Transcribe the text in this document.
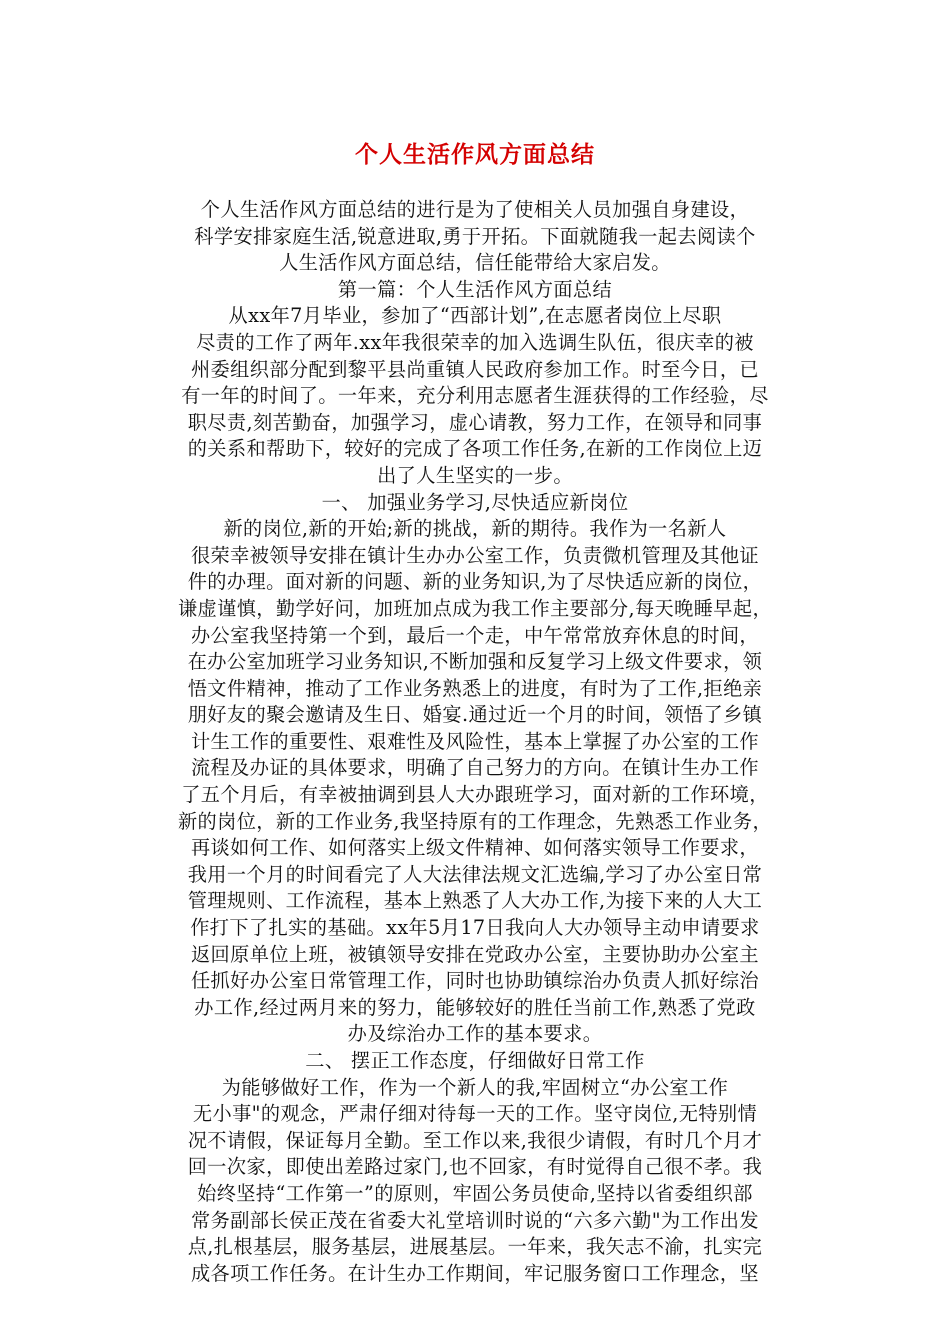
个人生活作风方面总结
个人生活作风方面总结的进行是为了使相关人员加强自身建设，
科学安排家庭生活,锐意进取,勇于开拓。下面就随我一起去阅读个
人生活作风方面总结，信任能带给大家启发。
第一篇：个人生活作风方面总结
从xx年7月毕业，参加了“西部计划”,在志愿者岗位上尽职
尽责的工作了两年.xx年我很荣幸的加入选调生队伍，很庆幸的被
州委组织部分配到黎平县尚重镇人民政府参加工作。时至今日，已
有一年的时间了。一年来，充分利用志愿者生涯获得的工作经验，尽
职尽责,刻苦勤奋，加强学习，虚心请教，努力工作，在领导和同事
的关系和帮助下，较好的完成了各项工作任务,在新的工作岗位上迈
出了人生坚实的一步。
一、 加强业务学习,尽快适应新岗位
新的岗位,新的开始;新的挑战，新的期待。我作为一名新人
很荣幸被领导安排在镇计生办办公室工作，负责微机管理及其他证
件的办理。面对新的问题、新的业务知识,为了尽快适应新的岗位，
谦虚谨慎，勤学好问，加班加点成为我工作主要部分,每天晚睡早起，
办公室我坚持第一个到，最后一个走，中午常常放弃休息的时间，
在办公室加班学习业务知识,不断加强和反复学习上级文件要求，领
悟文件精神，推动了工作业务熟悉上的进度，有时为了工作,拒绝亲
朋好友的聚会邀请及生日、婚宴.通过近一个月的时间，领悟了乡镇
计生工作的重要性、艰难性及风险性，基本上掌握了办公室的工作
流程及办证的具体要求，明确了自己努力的方向。在镇计生办工作
了五个月后，有幸被抽调到县人大办跟班学习，面对新的工作环境，
新的岗位，新的工作业务,我坚持原有的工作理念，先熟悉工作业务，
再谈如何工作、如何落实上级文件精神、如何落实领导工作要求，
我用一个月的时间看完了人大法律法规文汇选编,学习了办公室日常
管理规则、工作流程，基本上熟悉了人大办工作,为接下来的人大工
作打下了扎实的基础。xx年5月17日我向人大办领导主动申请要求
返回原单位上班，被镇领导安排在党政办公室，主要协助办公室主
任抓好办公室日常管理工作，同时也协助镇综治办负责人抓好综治
办工作,经过两月来的努力，能够较好的胜任当前工作,熟悉了党政
办及综治办工作的基本要求。
二、 摆正工作态度，仔细做好日常工作
为能够做好工作，作为一个新人的我,牢固树立“办公室工作
无小事"的观念，严肃仔细对待每一天的工作。坚守岗位,无特别情
况不请假，保证每月全勤。至工作以来,我很少请假，有时几个月才
回一次家，即使出差路过家门,也不回家，有时觉得自己很不孝。我
始终坚持“工作第一”的原则，牢固公务员使命,坚持以省委组织部
常务副部长侯正茂在省委大礼堂培训时说的“六多六勤"为工作出发
点,扎根基层，服务基层，进展基层。一年来，我矢志不渝，扎实完
成各项工作任务。在计生办工作期间，牢记服务窗口工作理念，坚
